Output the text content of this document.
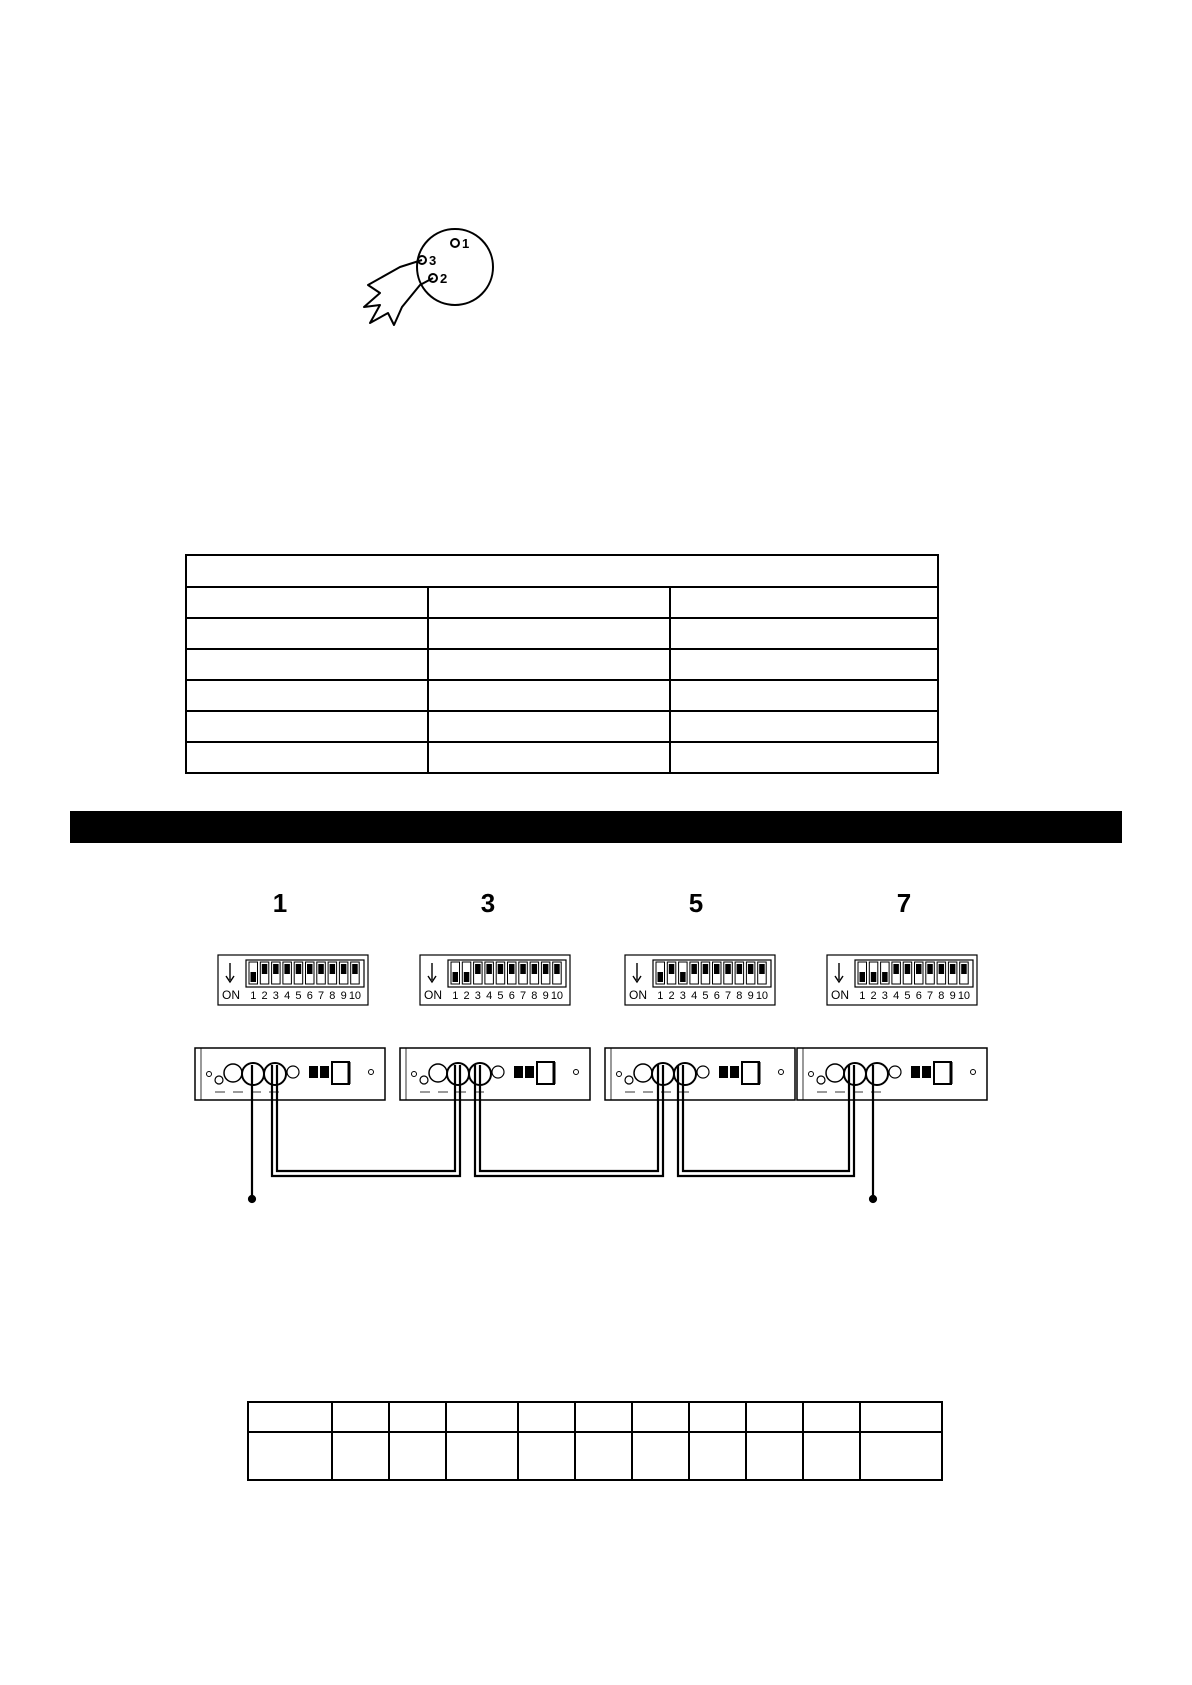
1
3
2

1	3	5	7
ON 1 2 3 4 5 6 7 8 9 10	ON 1 2 3 4 5 6 7 8 9 10	ON 1 2 3 4 5 6 7 8 9 10	ON 1 2 3 4 5 6 7 8 9 10
